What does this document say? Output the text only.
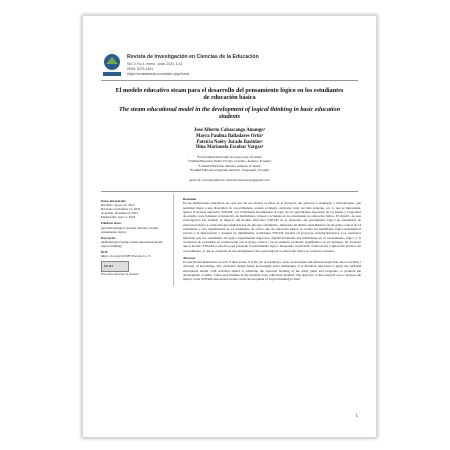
Revista de Investigación en Ciencias de la Educación
Vol. 2, No 1, enero - junio 2024, 1-13
ISSN: 3073-1461
https://revistaricedu.com/index.php/ricedu
El modelo educativo steam para el desarrollo del pensamiento lógico en los estudiantes de educación básica
The steam educational model in the development of logical thinking in basic education students
José Alberto Cabascango Amango¹
Mayra Paulina Balladares Ortiz²
Patricia Noëry Jurado Bastidas³
Dina Marianela Escobar Vargas⁴
¹Universidad Particular de Loja, Loja, Ecuador.
²Unidad Educativa Pedro Fermín Cevallos, Ambato, Ecuador.
³Unidad Educativa Ambato, Ambato, Ecuador
⁴Unidad Educativa Segundo Sanchez, Guayaquil, Ecuador
Autor de correspondencia: albertocabascango@gmail.com
Datos del artículo:
Recibido: agosto 12, 2023
Revisado: noviembre 15, 2023
Aceptado: diciembre 6, 2023
Publicación: enero 1, 2024
Palabras clave:
guía Metodológica; modelo educativo steam; pensamiento lógico;
Keywords:
methodological guide; steam educational model; logical thinking;
DOI:
https:// doi.org/10.59877/ricedu 2.1-13
CC BY
Esta obra está bajo la licencia
Resumen
En las instituciones educativas en cada uno de sus niveles es labor de la docencia, dar apertura a estrategias y metodologías, que permitan llegar a una diversidad de conocimientos, usando el diseño curricular cada vez más exigente, por lo que es importante, aplicar el modelo educativo STEAM, con actividades encaminadas al logro de los aprendizajes esperados de los planes y programas de estudio, para fomentar el desarrollo de habilidades, valores y actitudes en los estudiantes de educación básica. El objetivo de esta investigación fue analizar el impacto del modelo educativo STEAM en el desarrollo del pensamiento lógico en estudiantes de educación básica. La metodología empleada fue de enfoque cuantitativo, utilizando un diseño experimental con un grupo control de 14 estudiantes y otro experimental de 14 estudiantes de octavo año de educación básica, se evaluó las habilidades lógico matemáticas previas a la intervención y después de implementar actividades STEAM basadas en proyectos interdisciplinarios. Los resultados muestran que los estudiantes del grupo experimental mejoraron significativamente sus habilidades en el razonamiento lógico y la resolución de problemas en comparación con el grupo control, con un aumento promedio significativo en los puntajes. Se concluye que el modelo STEAM es efectivo para potenciar el pensamiento lógico, integrando creatividad, colaboración y aplicación práctica del conocimiento, lo que lo convierte en una herramienta clave para mejorar la educación básica en contextos actuales.
Abstract
In educational institutions at each of their levels, it is the job of teaching to open up strategies and methodologies that allow reaching a diversity of knowledge. The curricular design being increasingly more demanding, it is therefore important to apply the STEAM educational model, with activities aimed at achieving the expected learning of the study plans and programs, to promote the development of skills, values and attitudes in the students' basic education students. The objective of this research was to analyze the impact of the STEAM educational model on the development of logical thinking in basic
1
